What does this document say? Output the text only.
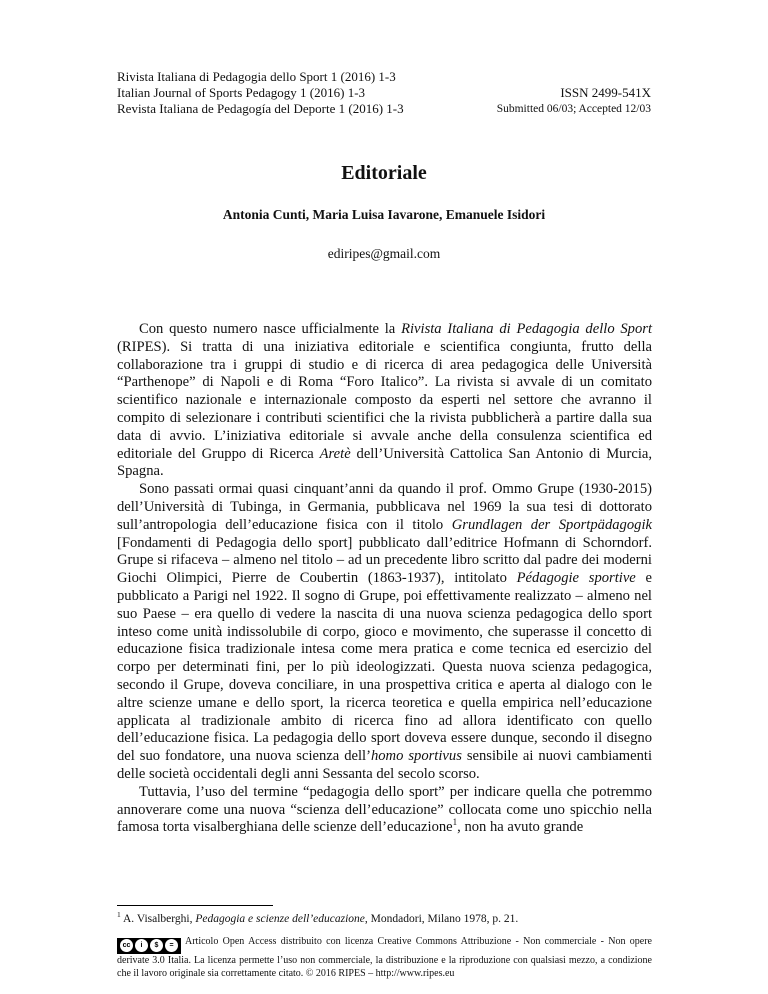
Rivista Italiana di Pedagogia dello Sport 1 (2016) 1-3
Italian Journal of Sports Pedagogy 1 (2016) 1-3
Revista Italiana de Pedagogía del Deporte 1 (2016) 1-3
ISSN 2499-541X
Submitted 06/03; Accepted 12/03
Editoriale
Antonia Cunti, Maria Luisa Iavarone, Emanuele Isidori
ediripes@gmail.com

Con questo numero nasce ufficialmente la Rivista Italiana di Pedagogia dello Sport (RIPES). Si tratta di una iniziativa editoriale e scientifica congiunta, frutto della collaborazione tra i gruppi di studio e di ricerca di area pedagogica delle Università “Parthenope” di Napoli e di Roma “Foro Italico”. La rivista si avvale di un comitato scientifico nazionale e internazionale composto da esperti nel settore che avranno il compito di selezionare i contributi scientifici che la rivista pubblicherà a partire dalla sua data di avvio. L’iniziativa editoriale si avvale anche della consulenza scientifica ed editoriale del Gruppo di Ricerca Aretè dell’Università Cattolica San Antonio di Murcia, Spagna.

Sono passati ormai quasi cinquant’anni da quando il prof. Ommo Grupe (1930-2015) dell’Università di Tubinga, in Germania, pubblicava nel 1969 la sua tesi di dottorato sull’antropologia dell’educazione fisica con il titolo Grundlagen der Sportpädagogik [Fondamenti di Pedagogia dello sport] pubblicato dall’editrice Hofmann di Schorndorf. Grupe si rifaceva – almeno nel titolo – ad un precedente libro scritto dal padre dei moderni Giochi Olimpici, Pierre de Coubertin (1863-1937), intitolato Pédagogie sportive e pubblicato a Parigi nel 1922. Il sogno di Grupe, poi effettivamente realizzato – almeno nel suo Paese – era quello di vedere la nascita di una nuova scienza pedagogica dello sport inteso come unità indissolubile di corpo, gioco e movimento, che superasse il concetto di educazione fisica tradizionale intesa come mera pratica e come tecnica ed esercizio del corpo per determinati fini, per lo più ideologizzati. Questa nuova scienza pedagogica, secondo il Grupe, doveva conciliare, in una prospettiva critica e aperta al dialogo con le altre scienze umane e dello sport, la ricerca teoretica e quella empirica nell’educazione applicata al tradizionale ambito di ricerca fino ad allora identificato con quello dell’educazione fisica. La pedagogia dello sport doveva essere dunque, secondo il disegno del suo fondatore, una nuova scienza dell’homo sportivus sensibile ai nuovi cambiamenti delle società occidentali degli anni Sessanta del secolo scorso.

Tuttavia, l’uso del termine “pedagogia dello sport” per indicare quella che potremmo annoverare come una nuova “scienza dell’educazione” collocata come uno spicchio nella famosa torta visalberghiana delle scienze dell’educazione$^1$, non ha avuto grande

$^1$ A. Visalberghi, Pedagogia e scienze dell’educazione, Mondadori, Milano 1978, p. 21.
cc	i	$	=	Articolo Open Access distribuito con licenza Creative Commons Attribuzione - Non commerciale - Non opere derivate 3.0 Italia. La licenza permette l’uso non commerciale, la distribuzione e la riproduzione con qualsiasi mezzo, a condizione che il lavoro originale sia correttamente citato. © 2016 RIPES – http://www.ripes.eu
